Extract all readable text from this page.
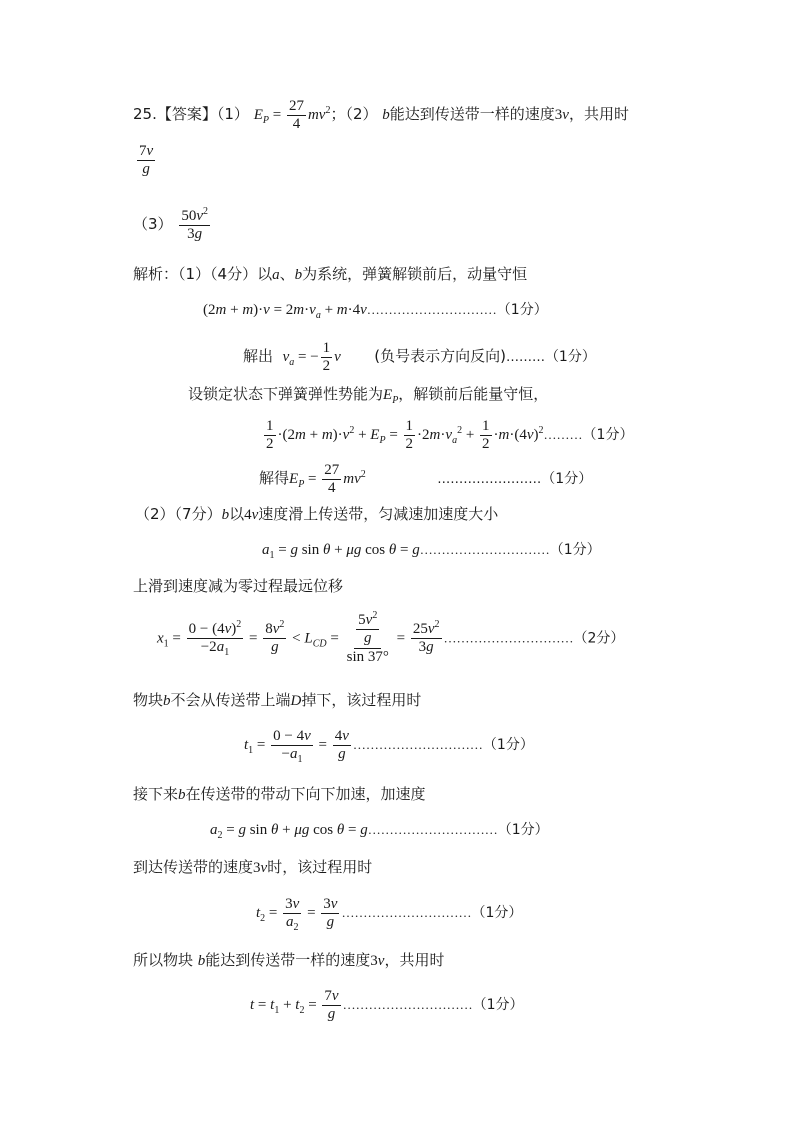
25.【答案】（1） $E_P = \frac{27}{4} mv^2$；（2） b能达到传送带一样的速度3v，共用时
$\frac{7v}{g}$
$(3) \frac{50v^2}{3g}$
解析：（1）（4分）以a、b为系统，弹簧解锁前后，动量守恒
$(2m + m)\cdot v = 2m\cdot v_a$ + m·4v…………………………（1分）
解出 $v_a$ = − $\frac{1}{2}$ v (负号表示方向反向)………（1分）
设锁定状态下弹簧弹性势能为$E_P$，解锁前后能量守恒，
$\frac{1}{2} \cdot(2m + m)\cdot v^2 + E_P = \frac{1}{2} \cdot 2m\cdot v_a^2 + \frac{1}{2}$ $\cdot m\cdot(4v)^2\dots\dots\dots(1$分）
解得$E_P = \frac{27}{4} mv^2$	……………………（1分）
（2）（7分）b以4v速度滑上传送带，匀减速加速度大小
$a_1 = g$ sin θ + μg cos θ = g…………………………（1分）
上滑到速度减为零过程最远位移
$x_1 = \frac{0 - (4v)^2}{-2a_1} = \frac{8v^2}{g} < L_{CD} = \frac{\frac{5v^2}{g}}{\sin 37^\circ} = \frac{25v^2}{3g}$ …………………………（2分）
物块b不会从传送带上端D掉下，该过程用时
$t_1 = \frac{0 - 4v}{-a_1} = \frac{4v}{g}$ …………………………（1分）
接下来b在传送带的带动下向下加速，加速度
$a_2 = g$ sin θ + μg cos θ = g…………………………（1分）
到达传送带的速度3v时，该过程用时
$t_2 = \frac{3v}{a_2} = \frac{3v}{g}$ …………………………（1分）
所以物块 b能达到传送带一样的速度3v，共用时
$t = t_1 + t_2 = \frac{7v}{g}$ …………………………（1分）
